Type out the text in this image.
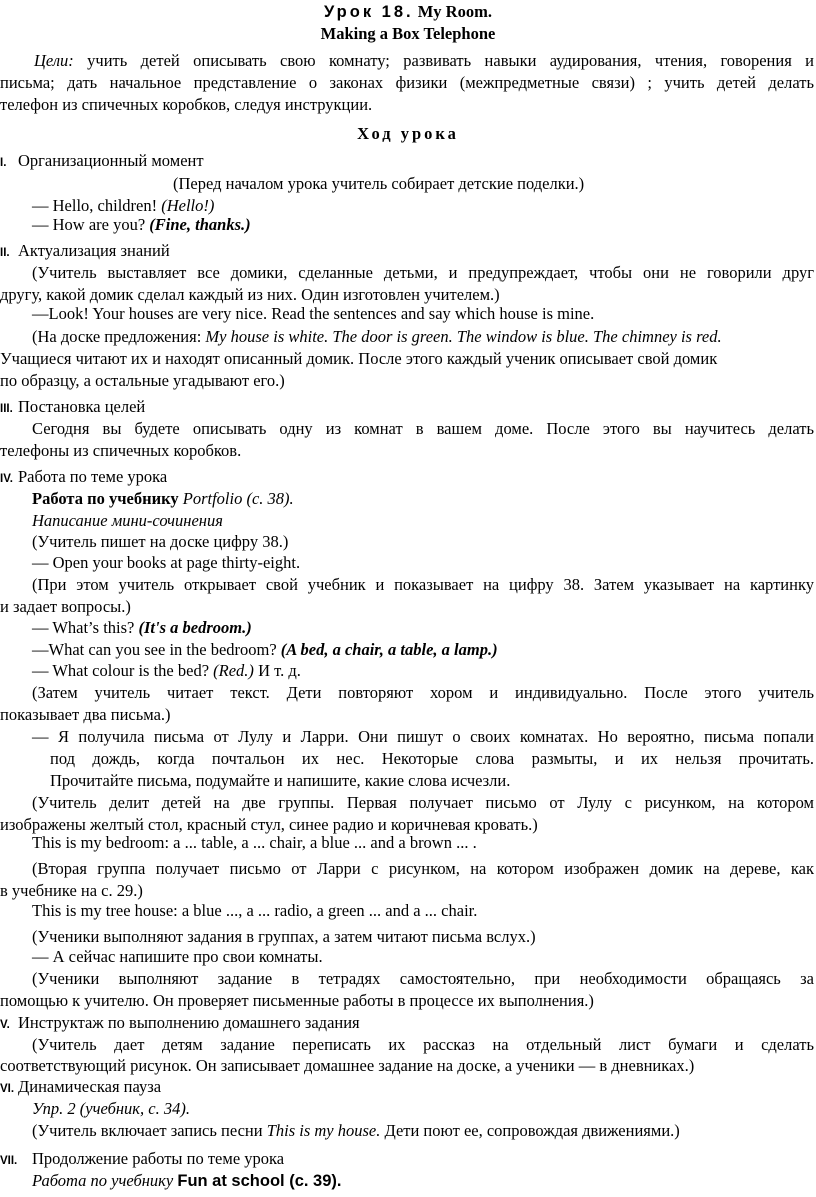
Урок 18. My Room.
Making a Box Telephone
Цели: учить детей описывать свою комнату; развивать навыки аудирования, чтения, говорения и
письма; дать начальное представление о законах физики (межпредметные связи) ; учить детей делать
телефон из спичечных коробков, следуя инструкции.
Ход урока
I. Организационный момент
(Перед началом урока учитель собирает детские поделки.)
— Hello, children! (Hello!)
— How are you? (Fine, thanks.)
II. Актуализация знаний
(Учитель выставляет все домики, сделанные детьми, и предупреждает, чтобы они не говорили друг
другу, какой домик сделал каждый из них. Один изготовлен учителем.)
—Look! Your houses are very nice. Read the sentences and say which house is mine.
(На доске предложения: My house is white. The door is green. The window is blue. The chimney is red.
Учащиеся читают их и находят описанный домик. После этого каждый ученик описывает свой домик
по образцу, а остальные угадывают его.)
III. Постановка целей
Сегодня вы будете описывать одну из комнат в вашем доме. После этого вы научитесь делать
телефоны из спичечных коробков.
IV. Работа по теме урока
Работа по учебнику Portfolio (с. 38).
Написание мини-сочинения
(Учитель пишет на доске цифру 38.)
— Open your books at page thirty-eight.
(При этом учитель открывает свой учебник и показывает на цифру 38. Затем указывает на картинку
и задает вопросы.)
— What’s this? (It's a bedroom.)
—What can you see in the bedroom? (A bed, a chair, a table, a lamp.)
— What colour is the bed? (Red.) И т. д.
(Затем учитель читает текст. Дети повторяют хором и индивидуально. После этого учитель
показывает два письма.)
— Я получила письма от Лулу и Ларри. Они пишут о своих комнатах. Но вероятно, письма попали
под дождь, когда почтальон их нес. Некоторые слова размыты, и их нельзя прочитать.
Прочитайте письма, подумайте и напишите, какие слова исчезли.
(Учитель делит детей на две группы. Первая получает письмо от Лулу с рисунком, на котором
изображены желтый стол, красный стул, синее радио и коричневая кровать.)
This is my bedroom: a ... table, a ... chair, a blue ... and a brown ... .
(Вторая группа получает письмо от Ларри с рисунком, на котором изображен домик на дереве, как
в учебнике на с. 29.)
This is my tree house: a blue ..., a ... radio, a green ... and a ... chair.
(Ученики выполняют задания в группах, а затем читают письма вслух.)
— А сейчас напишите про свои комнаты.
(Ученики выполняют задание в тетрадях самостоятельно, при необходимости обращаясь за
помощью к учителю. Он проверяет письменные работы в процессе их выполнения.)
V. Инструктаж по выполнению домашнего задания
(Учитель дает детям задание переписать их рассказ на отдельный лист бумаги и сделать
соответствующий рисунок. Он записывает домашнее задание на доске, а ученики — в дневниках.)
VI. Динамическая пауза
Упр. 2 (учебник, с. 34).
(Учитель включает запись песни This is my house. Дети поют ее, сопровождая движениями.)
VII. Продолжение работы по теме урока
Работа по учебнику Fun at school (с. 39).
